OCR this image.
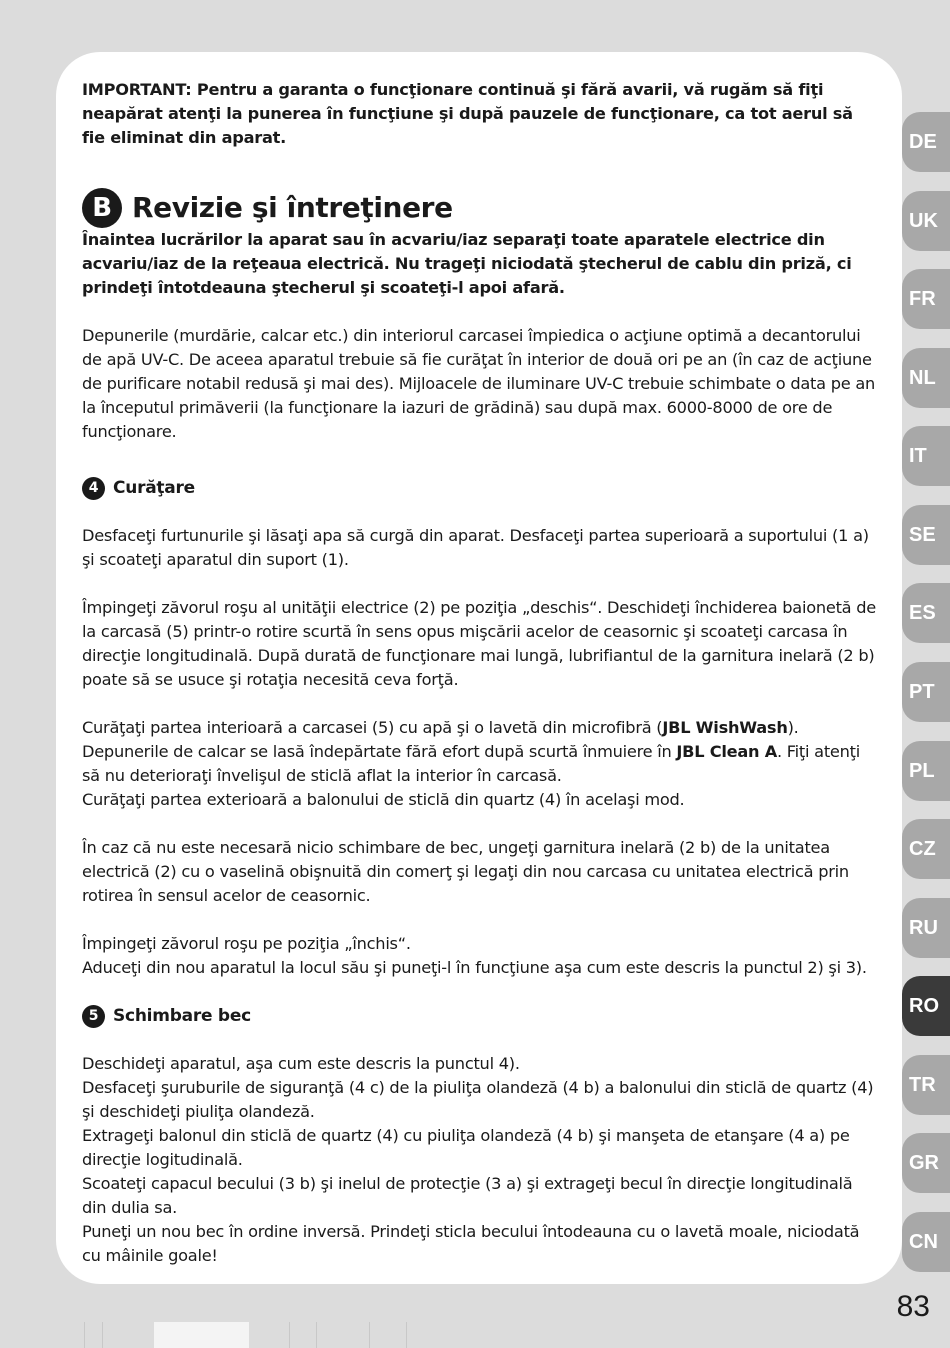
IMPORTANT: Pentru a garanta o funcţionare continuă şi fără avarii, vă rugăm să fiţi neapărat atenţi la punerea în funcţiune şi după pauzele de funcţionare, ca tot aerul să fie eliminat din aparat.

B Revizie şi întreţinere

Înaintea lucrărilor la aparat sau în acvariu/iaz separaţi toate aparatele electrice din acvariu/iaz de la reţeaua electrică. Nu trageţi niciodată ştecherul de cablu din priză, ci prindeţi întotdeauna ştecherul şi scoateţi-l apoi afară.

Depunerile (murdărie, calcar etc.) din interiorul carcasei împiedica o acţiune optimă a decantorului de apă UV-C. De aceea aparatul trebuie să fie curăţat în interior de două ori pe an (în caz de acţiune de purificare notabil redusă şi mai des). Mijloacele de iluminare UV-C trebuie schimbate o data pe an la începutul primăverii (la funcţionare la iazuri de grădină) sau după max. 6000-8000 de ore de funcţionare.

4 Curăţare

Desfaceţi furtunurile şi lăsaţi apa să curgă din aparat. Desfaceţi partea superioară a suportului (1 a) şi scoateţi aparatul din suport (1).

Împingeţi zăvorul roşu al unităţii electrice (2) pe poziţia „deschis“. Deschideţi închiderea baionetă de la carcasă (5) printr-o rotire scurtă în sens opus mişcării acelor de ceasornic şi scoateţi carcasa în direcţie longitudinală. După durată de funcţionare mai lungă, lubrifiantul de la garnitura inelară (2 b) poate să se usuce şi rotaţia necesită ceva forţă.

Curăţaţi partea interioară a carcasei (5) cu apă şi o lavetă din microfibră (JBL WishWash). Depunerile de calcar se lasă îndepărtate fără efort după scurtă înmuiere în JBL Clean A. Fiţi atenţi să nu deterioraţi învelişul de sticlă aflat la interior în carcasă.

Curăţaţi partea exterioară a balonului de sticlă din quartz (4) în acelaşi mod.

În caz că nu este necesară nicio schimbare de bec, ungeţi garnitura inelară (2 b) de la unitatea electrică (2) cu o vaselină obişnuită din comerţ şi legaţi din nou carcasa cu unitatea electrică prin rotirea în sensul acelor de ceasornic.

Împingeţi zăvorul roşu pe poziţia „închis“.

Aduceţi din nou aparatul la locul său şi puneţi-l în funcţiune aşa cum este descris la punctul 2) şi 3).

5 Schimbare bec

Deschideţi aparatul, aşa cum este descris la punctul 4).

Desfaceţi şuruburile de siguranţă (4 c) de la piuliţa olandeză (4 b) a balonului din sticlă de quartz (4) şi deschideţi piuliţa olandeză.

Extrageţi balonul din sticlă de quartz (4) cu piuliţa olandeză (4 b) şi manşeta de etanşare (4 a) pe direcţie logitudinală.

Scoateţi capacul becului (3 b) şi inelul de protecţie (3 a) şi extrageţi becul în direcţie longitudinală din dulia sa.

Puneţi un nou bec în ordine inversă. Prindeţi sticla becului întodeauna cu o lavetă moale, niciodată cu mâinile goale!

DE
UK
FR
NL
IT
SE
ES
PT
PL
CZ
RU
RO
TR
GR
CN
83
